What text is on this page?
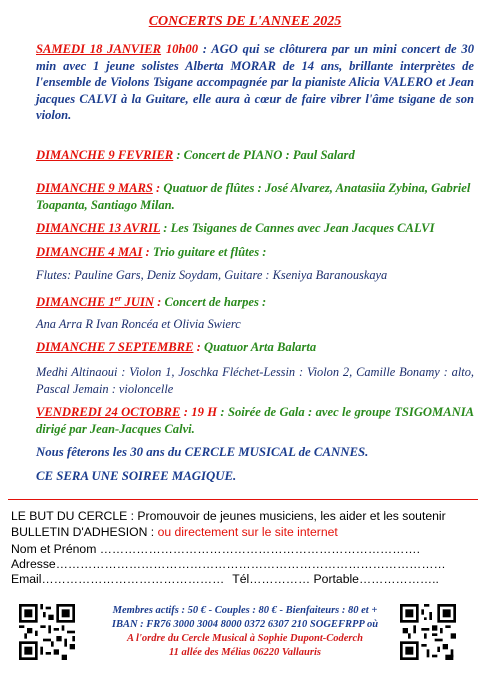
CONCERTS DE L'ANNEE 2025
SAMEDI 18 JANVIER 10h00 : AGO qui se clôturera par un mini concert de 30 min avec 1 jeune solistes Alberta MORAR de 14 ans, brillante interprètes de l'ensemble de Violons Tsigane accompagnée par la pianiste Alicia VALERO et Jean jacques CALVI à la Guitare, elle aura à cœur de faire vibrer l'âme tsigane de son violon.
DIMANCHE 9 FEVRIER : Concert de PIANO : Paul Salard
DIMANCHE 9 MARS : Quatuor de flûtes : José Alvarez, Anatasiia Zybina, Gabriel Toapanta, Santiago Milan.
DIMANCHE 13 AVRIL : Les Tsiganes de Cannes avec Jean Jacques CALVI
DIMANCHE 4 MAI : Trio guitare et flûtes :
Flutes: Pauline Gars, Deniz Soydam, Guitare : Kseniya Baranouskaya
DIMANCHE 1er JUIN : Concert de harpes :
Ana Arra R Ivan Roncéa et Olivia Swierc
DIMANCHE 7 SEPTEMBRE : Quatuor Arta Balarta
Medhi Altinaoui : Violon 1, Joschka Fléchet-Lessin : Violon 2, Camille Bonamy : alto, Pascal Jemain : violoncelle
VENDREDI 24 OCTOBRE : 19 H : Soirée de Gala : avec le groupe TSIGOMANIA dirigé par Jean-Jacques Calvi.
Nous fêterons les 30 ans du CERCLE MUSICAL de CANNES.
CE SERA UNE SOIREE MAGIQUE.
LE BUT DU CERCLE : Promouvoir de jeunes musiciens, les aider et les soutenir
BULLETIN D'ADHESION : ou directement sur le site internet
Nom et Prénom …………………………………………………………………….
Adresse……………………………………………………………………………………
Email……………………………………… Tél…………… Portable………………..
Membres actifs : 50 € - Couples : 80 € - Bienfaiteurs : 80 et +
IBAN : FR76 3000 3004 8000 0372 6307 210 SOGEFRPP où
A l'ordre du Cercle Musical à Sophie Dupont-Coderch
11 allée des Mélias 06220 Vallauris
